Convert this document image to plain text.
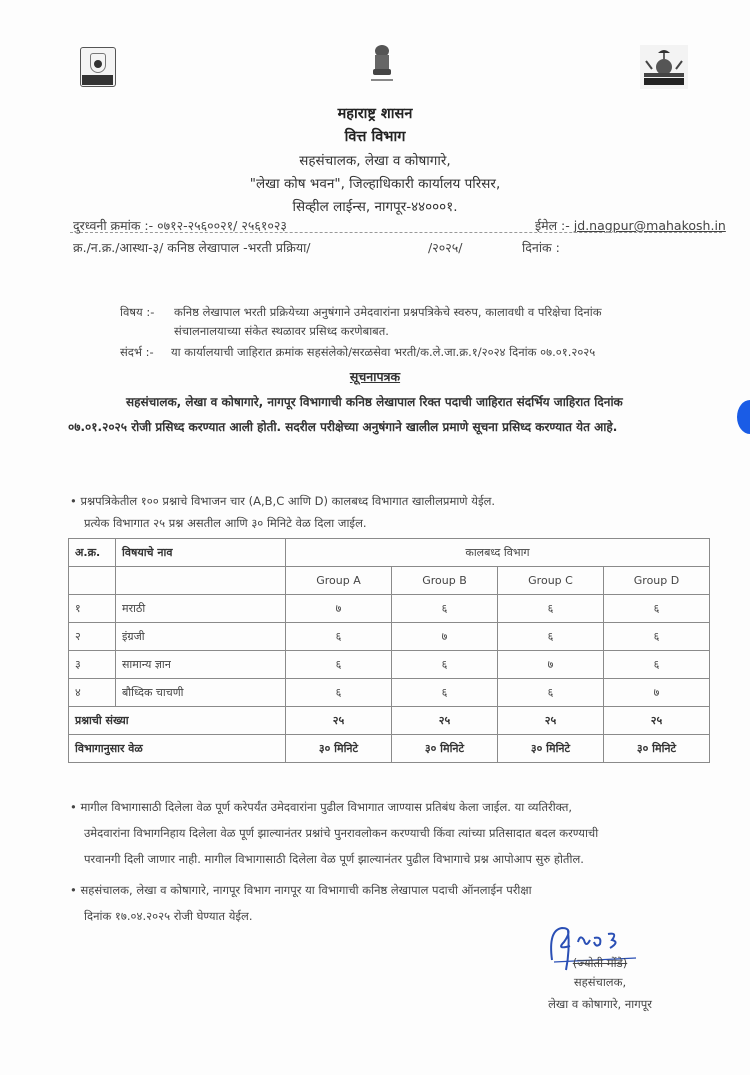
महाराष्ट्र शासन
वित्त विभाग
सहसंचालक, लेखा व कोषागारे,
"लेखा कोष भवन", जिल्हाधिकारी कार्यालय परिसर,
सिव्हील लाईन्स, नागपूर-४४०००१.
दुरध्वनी क्रमांक :- ०७१२-२५६००२१/ २५६१०२३	ईमेल :- jd.nagpur@mahakosh.in
क्र./न.क्र./आस्था-३/ कनिष्ठ लेखापाल -भरती प्रक्रिया/	/२०२५/	दिनांक :
विषय :- कनिष्ठ लेखापाल भरती प्रक्रियेच्या अनुषंगाने उमेदवारांना प्रश्नपत्रिकेचे स्वरुप, कालावधी व परिक्षेचा दिनांक
संचालनालयाच्या संकेत स्थळावर प्रसिध्द करणेबाबत.
संदर्भ :- या कार्यालयाची जाहिरात क्रमांक सहसंलेको/सरळसेवा भरती/क.ले.जा.क्र.१/२०२४ दिनांक ०७.०१.२०२५
सूचनापत्रक
सहसंचालक, लेखा व कोषागारे, नागपूर विभागाची कनिष्ठ लेखापाल रिक्त पदाची जाहिरात संदर्भिय जाहिरात दिनांक
०७.०१.२०२५ रोजी प्रसिध्द करण्यात आली होती. सदरील परीक्षेच्या अनुषंगाने खालील प्रमाणे सूचना प्रसिध्द करण्यात येत आहे.
• प्रश्नपत्रिकेतील १०० प्रश्नाचे विभाजन चार (A,B,C आणि D) कालबध्द विभागात खालीलप्रमाणे येईल.
प्रत्येक विभागात २५ प्रश्न असतील आणि ३० मिनिटे वेळ दिला जाईल.
अ.क्र.	विषयाचे नाव	कालबध्द विभाग			
		Group A	Group B	Group C	Group D
१	मराठी	७	६	६	६
२	इंग्रजी	६	७	६	६
३	सामान्य ज्ञान	६	६	७	६
४	बौध्दिक चाचणी	६	६	६	७
प्रश्नाची संख्या		२५	२५	२५	२५
विभागानुसार वेळ		३० मिनिटे	३० मिनिटे	३० मिनिटे	३० मिनिटे
• मागील विभागासाठी दिलेला वेळ पूर्ण करेपर्यंत उमेदवारांना पुढील विभागात जाण्यास प्रतिबंध केला जाईल. या व्यतिरीक्त,
उमेदवारांना विभागनिहाय दिलेला वेळ पूर्ण झाल्यानंतर प्रश्नांचे पुनरावलोकन करण्याची किंवा त्यांच्या प्रतिसादात बदल करण्याची
परवानगी दिली जाणार नाही. मागील विभागासाठी दिलेला वेळ पूर्ण झाल्यानंतर पुढील विभागाचे प्रश्न आपोआप सुरु होतील.
• सहसंचालक, लेखा व कोषागारे, नागपूर विभाग नागपूर या विभागाची कनिष्ठ लेखापाल पदाची ऑनलाईन परीक्षा
दिनांक १७.०४.२०२५ रोजी घेण्यात येईल.
(ज्योती मोंडे)
सहसंचालक,
लेखा व कोषागारे, नागपूर
